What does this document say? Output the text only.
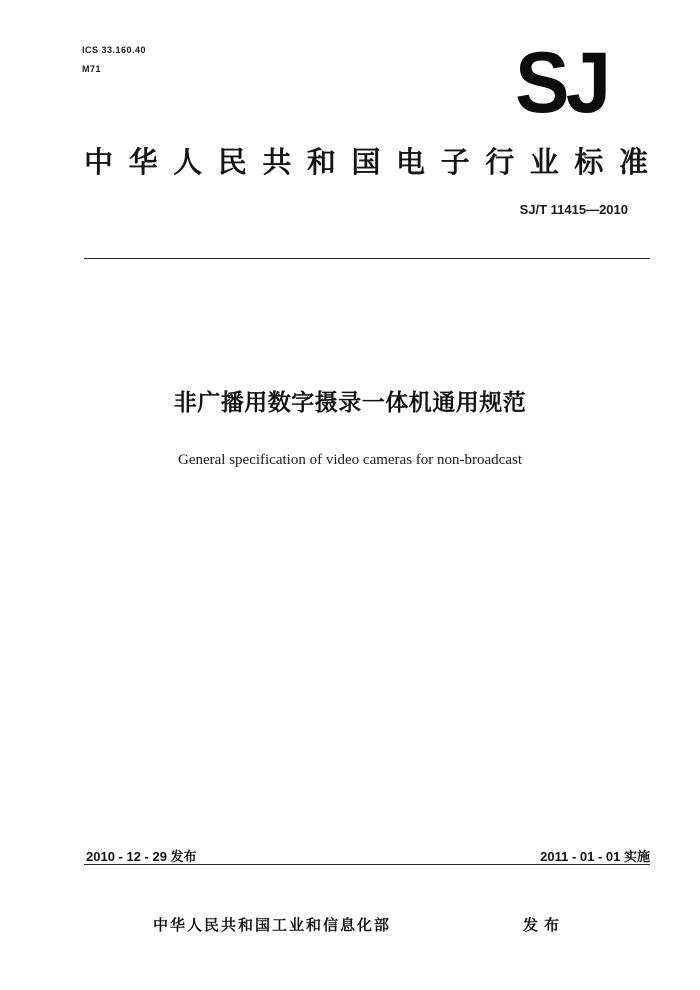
ICS 33.160.40
M71	SJ
中 华 人 民 共 和 国 电 子 行 业 标 准
SJ/T 11415—2010
非广播用数字摄录一体机通用规范
General specification of video cameras for non-broadcast
2010 - 12 - 29 发布	2011 - 01 - 01 实施
中华人民共和国工业和信息化部	发布
